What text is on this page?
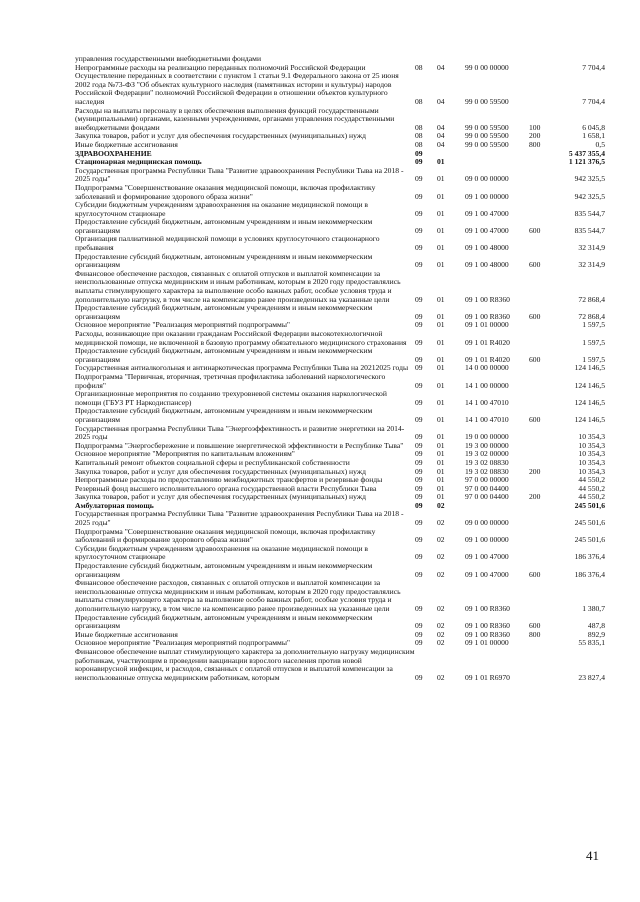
управления государственными внебюджетными фондами					
Непрограммные расходы на реализацию переданных полномочий Российской Федерации	08	04	99 0 00 00000		7 704,4
Осуществление переданных в соответствии с пунктом 1 статьи 9.1 Федерального закона от 25 июня 2002 года №73-ФЗ "Об объектах культурного наследия (памятниках истории и культуры) народов Российской Федерации" полномочий Российской Федерации в отношении объектов культурного наследия	08	04	99 0 00 59500		7 704,4
Расходы на выплаты персоналу в целях обеспечения выполнения функций государственными (муниципальными) органами, казенными учреждениями, органами управления государственными внебюджетными фондами	08	04	99 0 00 59500	100	6 045,8
Закупка товаров, работ и услуг для обеспечения государственных (муниципальных) нужд	08	04	99 0 00 59500	200	1 658,1
Иные бюджетные ассигнования	08	04	99 0 00 59500	800	0,5
ЗДРАВООХРАНЕНИЕ	09				5 437 355,4
Стационарная медицинская помощь	09	01			1 121 376,5
Государственная программа Республики Тыва "Развитие здравоохранения Республики Тыва на 2018 - 2025 годы"	09	01	09 0 00 00000		942 325,5
Подпрограмма "Совершенствование оказания медицинской помощи, включая профилактику заболеваний и формирование здорового образа жизни"	09	01	09 1 00 00000		942 325,5
Субсидии бюджетным учреждениям здравоохранения на оказание медицинской помощи в круглосуточном стационаре	09	01	09 1 00 47000		835 544,7
Предоставление субсидий бюджетным, автономным учреждениям и иным некоммерческим организациям	09	01	09 1 00 47000	600	835 544,7
Организация паллиативной медицинской помощи в условиях круглосуточного стационарного пребывания	09	01	09 1 00 48000		32 314,9
Предоставление субсидий бюджетным, автономным учреждениям и иным некоммерческим организациям	09	01	09 1 00 48000	600	32 314,9
Финансовое обеспечение расходов, связанных с оплатой отпусков и выплатой компенсации за неиспользованные отпуска медицинским и иным работникам, которым в 2020 году предоставлялись выплаты стимулирующего характера за выполнение особо важных работ, особые условия труда и дополнительную нагрузку, в том числе на компенсацию ранее произведенных на указанные цели	09	01	09 1 00 R8360		72 868,4
Предоставление субсидий бюджетным, автономным учреждениям и иным некоммерческим организациям	09	01	09 1 00 R8360	600	72 868,4
Основное мероприятие "Реализация мероприятий подпрограммы"	09	01	09 1 01 00000		1 597,5
Расходы, возникающие при оказании гражданам Российской Федерации высокотехнологичной медицинской помощи, не включенной в базовую программу обязательного медицинского страхования	09	01	09 1 01 R4020		1 597,5
Предоставление субсидий бюджетным, автономным учреждениям и иным некоммерческим организациям	09	01	09 1 01 R4020	600	1 597,5
Государственная антиалкогольная и антинаркотическая программа Республики Тыва на 20212025 годы	09	01	14 0 00 00000		124 146,5
Подпрограмма "Первичная, вторичная, третичная профилактика заболеваний наркологического профиля"	09	01	14 1 00 00000		124 146,5
Организационные мероприятия по созданию трехуровневой системы оказания наркологической помощи (ГБУЗ РТ Наркодиспансер)	09	01	14 1 00 47010		124 146,5
Предоставление субсидий бюджетным, автономным учреждениям и иным некоммерческим организациям	09	01	14 1 00 47010	600	124 146,5
Государственная программа Республики Тыва "Энергоэффективность и развитие энергетики на 2014-2025 годы	09	01	19 0 00 00000		10 354,3
Подпрограмма "Энергосбережение и повышение энергетической эффективности в Республике Тыва"	09	01	19 3 00 00000		10 354,3
Основное мероприятие "Мероприятия по капитальным вложениям"	09	01	19 3 02 00000		10 354,3
Капитальный ремонт объектов социальной сферы и республиканской собственности	09	01	19 3 02 08830		10 354,3
Закупка товаров, работ и услуг для обеспечения государственных (муниципальных) нужд	09	01	19 3 02 08830	200	10 354,3
Непрограммные расходы по предоставлению межбюджетных трансфертов и резервные фонды	09	01	97 0 00 00000		44 550,2
Резервный фонд высшего исполнительного органа государственной власти Республики Тыва	09	01	97 0 00 04400		44 550,2
Закупка товаров, работ и услуг для обеспечения государственных (муниципальных) нужд	09	01	97 0 00 04400	200	44 550,2
Амбулаторная помощь	09	02			245 501,6
Государственная программа Республики Тыва "Развитие здравоохранения Республики Тыва на 2018 - 2025 годы"	09	02	09 0 00 00000		245 501,6
Подпрограмма "Совершенствование оказания медицинской помощи, включая профилактику заболеваний и формирование здорового образа жизни"	09	02	09 1 00 00000		245 501,6
Субсидии бюджетным учреждениям здравоохранения на оказание медицинской помощи в круглосуточном стационаре	09	02	09 1 00 47000		186 376,4
Предоставление субсидий бюджетным, автономным учреждениям и иным некоммерческим организациям	09	02	09 1 00 47000	600	186 376,4
Финансовое обеспечение расходов, связанных с оплатой отпусков и выплатой компенсации за неиспользованные отпуска медицинским и иным работникам, которым в 2020 году предоставлялись выплаты стимулирующего характера за выполнение особо важных работ, особые условия труда и дополнительную нагрузку, в том числе на компенсацию ранее произведенных на указанные цели	09	02	09 1 00 R8360		1 380,7
Предоставление субсидий бюджетным, автономным учреждениям и иным некоммерческим организациям	09	02	09 1 00 R8360	600	487,8
Иные бюджетные ассигнования	09	02	09 1 00 R8360	800	892,9
Основное мероприятие "Реализация мероприятий подпрограммы"	09	02	09 1 01 00000		55 835,1
Финансовое обеспечение выплат стимулирующего характера за дополнительную нагрузку медицинским работникам, участвующим в проведении вакцинации взрослого населения против новой коронавирусной инфекции, и расходов, связанных с оплатой отпусков и выплатой компенсации за неиспользованные отпуска медицинским работникам, которым	09	02	09 1 01 R6970		23 827,4
41
